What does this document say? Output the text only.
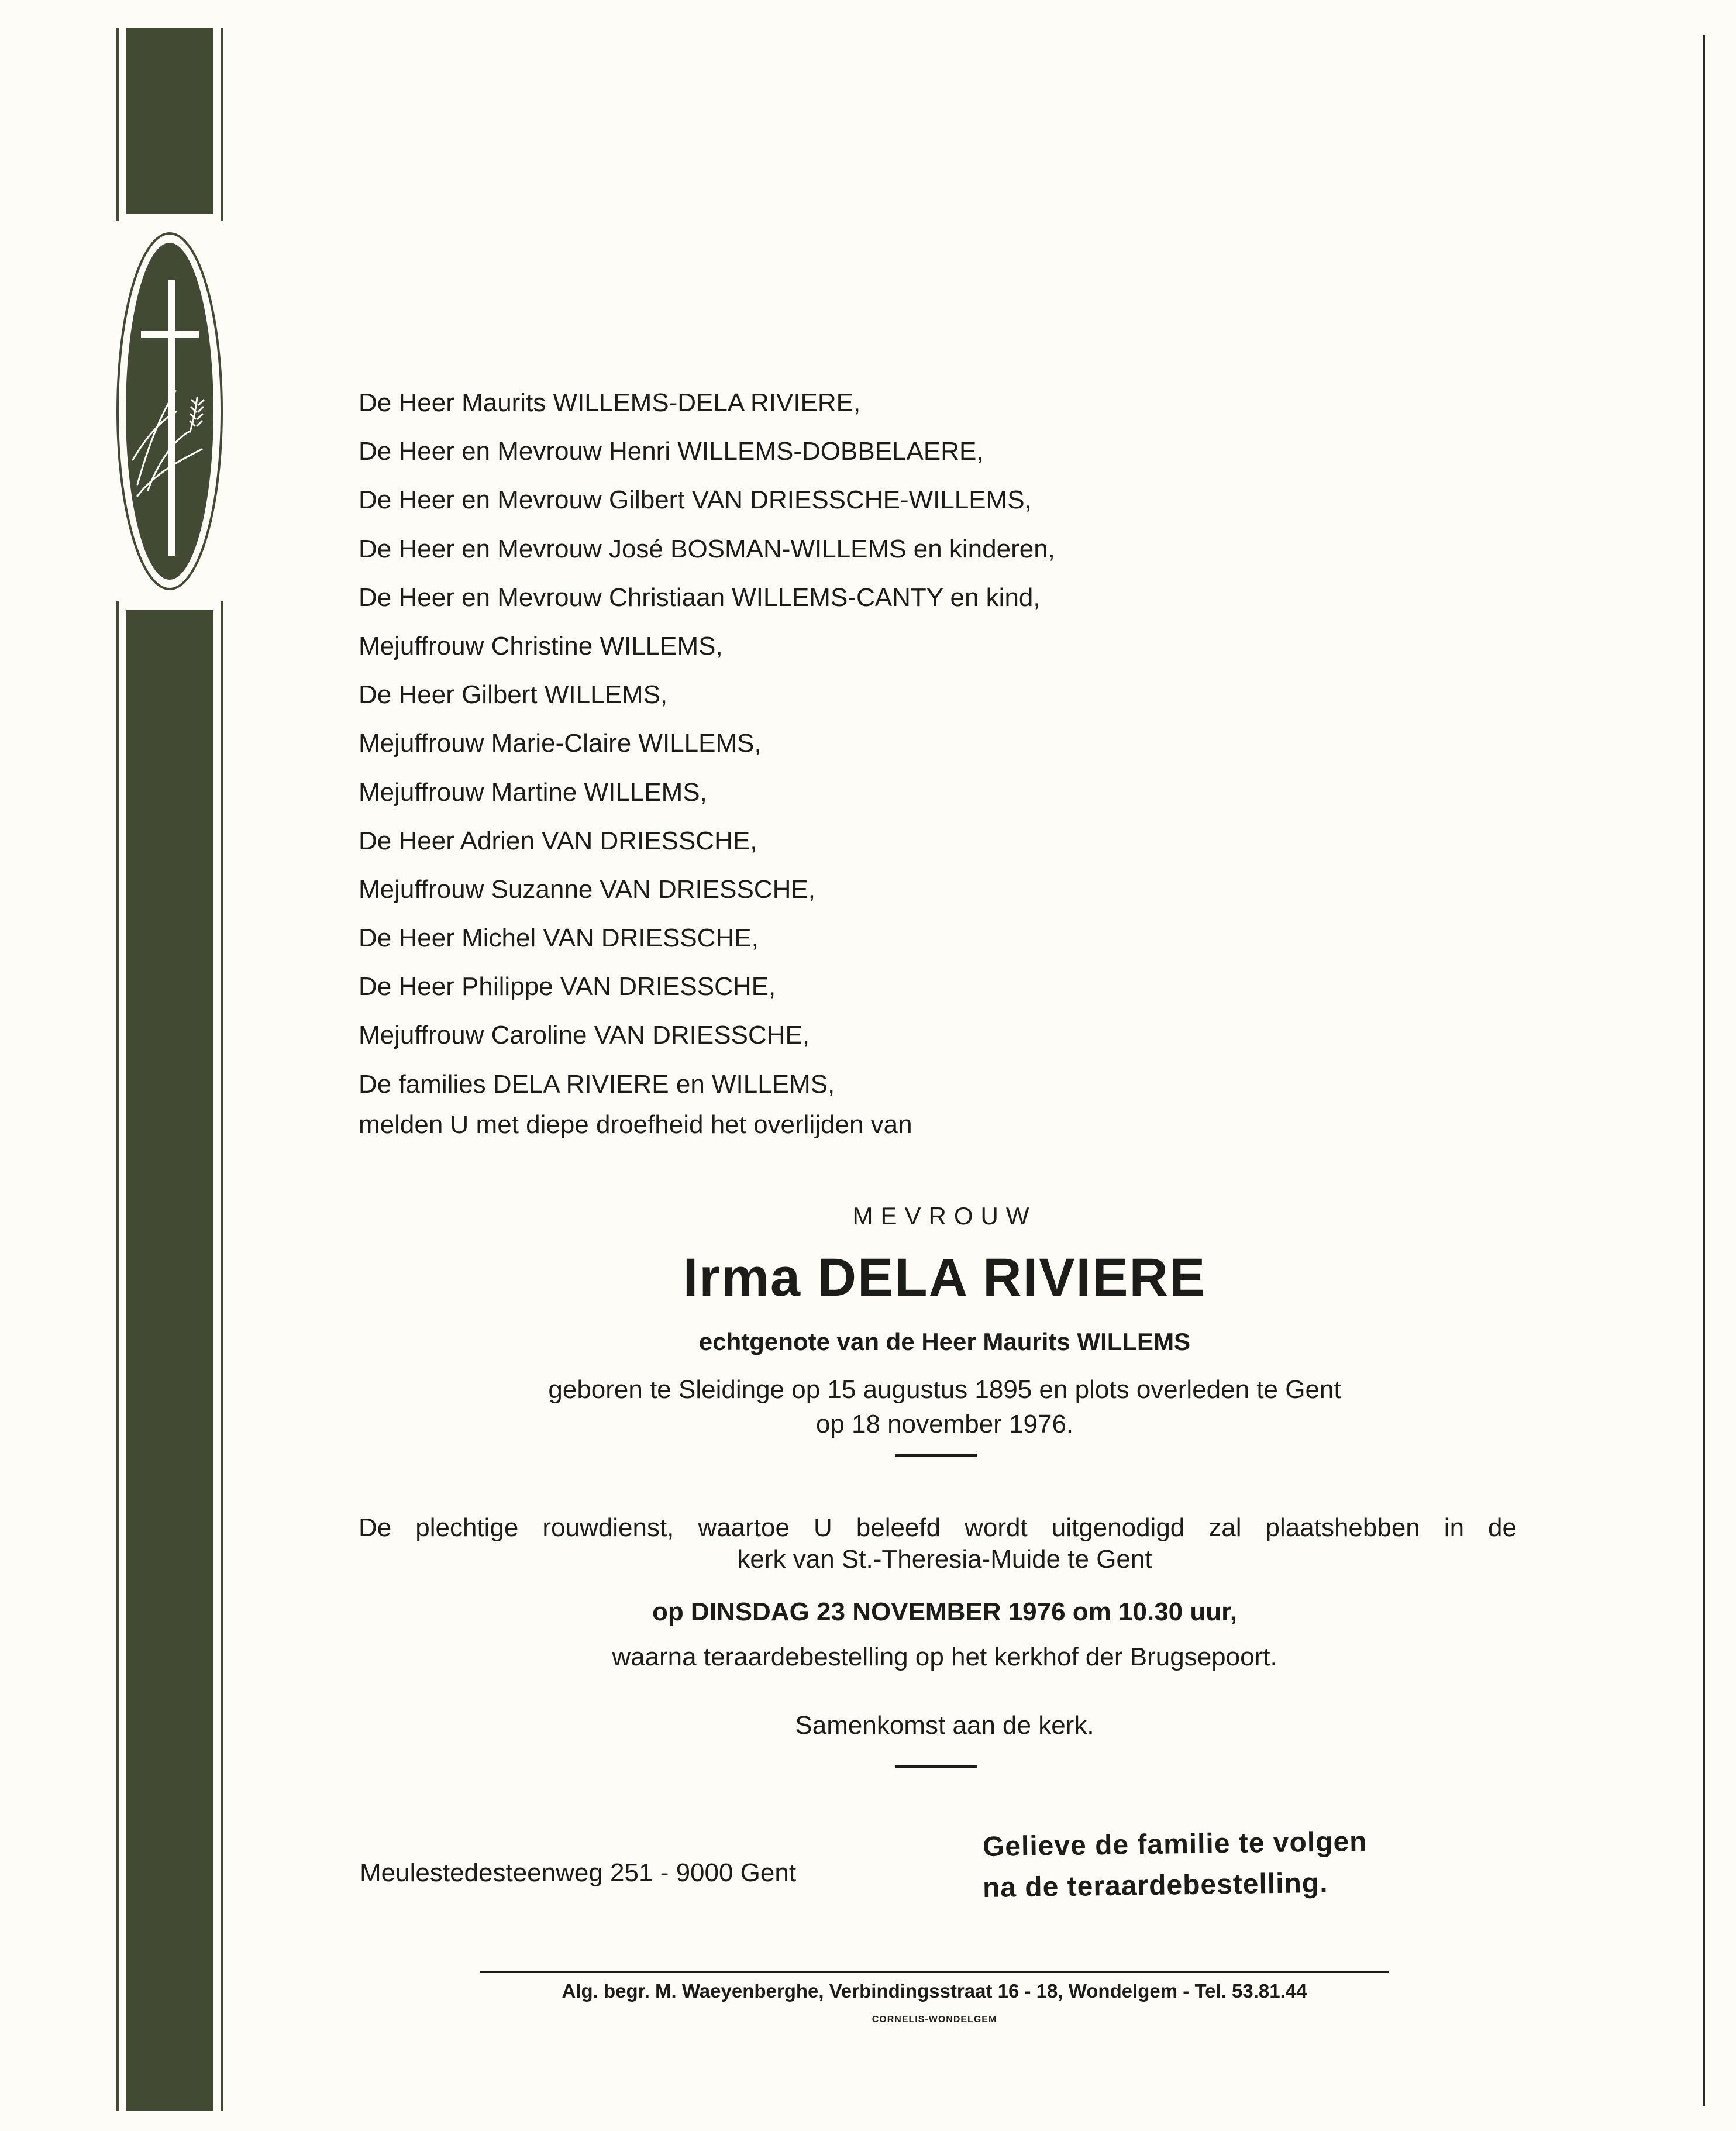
De Heer Maurits WILLEMS-DELA RIVIERE,
De Heer en Mevrouw Henri WILLEMS-DOBBELAERE,
De Heer en Mevrouw Gilbert VAN DRIESSCHE-WILLEMS,
De Heer en Mevrouw José BOSMAN-WILLEMS en kinderen,
De Heer en Mevrouw Christiaan WILLEMS-CANTY en kind,
Mejuffrouw Christine WILLEMS,
De Heer Gilbert WILLEMS,
Mejuffrouw Marie-Claire WILLEMS,
Mejuffrouw Martine WILLEMS,
De Heer Adrien VAN DRIESSCHE,
Mejuffrouw Suzanne VAN DRIESSCHE,
De Heer Michel VAN DRIESSCHE,
De Heer Philippe VAN DRIESSCHE,
Mejuffrouw Caroline VAN DRIESSCHE,
De families DELA RIVIERE en WILLEMS,
melden U met diepe droefheid het overlijden van
MEVROUW
Irma DELA RIVIERE
echtgenote van de Heer Maurits WILLEMS
geboren te Sleidinge op 15 augustus 1895 en plots overleden te Gent
op 18 november 1976.
De plechtige rouwdienst, waartoe U beleefd wordt uitgenodigd zal plaatshebben in de
kerk van St.-Theresia-Muide te Gent
op DINSDAG 23 NOVEMBER 1976 om 10.30 uur,
waarna teraardebestelling op het kerkhof der Brugsepoort.
Samenkomst aan de kerk.
Meulestedesteenweg 251 - 9000 Gent
Gelieve de familie te volgen
na de teraardebestelling.
Alg. begr. M. Waeyenberghe, Verbindingsstraat 16 - 18, Wondelgem - Tel. 53.81.44
CORNELIS-WONDELGEM
